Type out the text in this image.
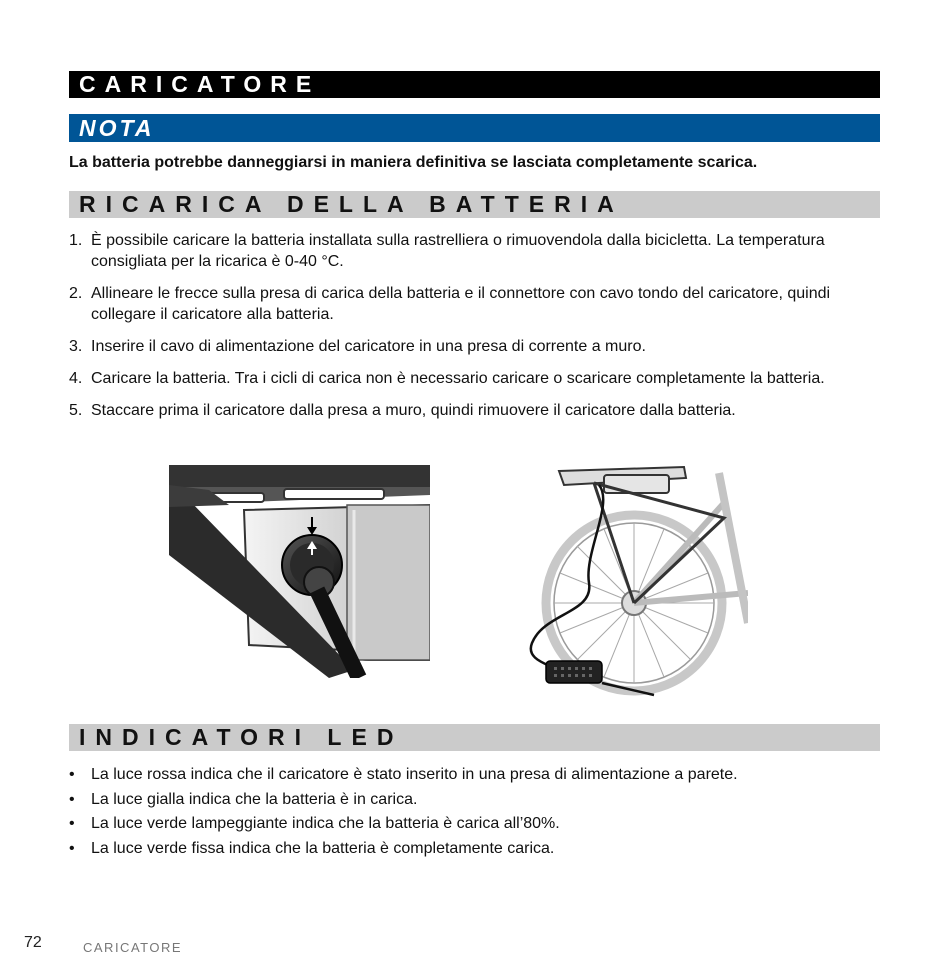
CARICATORE
NOTA
La batteria potrebbe danneggiarsi in maniera definitiva se lasciata completamente scarica.
RICARICA DELLA BATTERIA
1. È possibile caricare la batteria installata sulla rastrelliera o rimuovendola dalla bicicletta. La temperatura consigliata per la ricarica è 0-40 °C.
2. Allineare le frecce sulla presa di carica della batteria e il connettore con cavo tondo del caricatore, quindi collegare il caricatore alla batteria.
3. Inserire il cavo di alimentazione del caricatore in una presa di corrente a muro.
4. Caricare la batteria. Tra i cicli di carica non è necessario caricare o scaricare completamente la batteria.
5. Staccare prima il caricatore dalla presa a muro, quindi rimuovere il caricatore dalla batteria.
INDICATORI LED
• La luce rossa indica che il caricatore è stato inserito in una presa di alimentazione a parete.
• La luce gialla indica che la batteria è in carica.
• La luce verde lampeggiante indica che la batteria è carica all’80%.
• La luce verde fissa indica che la batteria è completamente carica.
72	CARICATORE
